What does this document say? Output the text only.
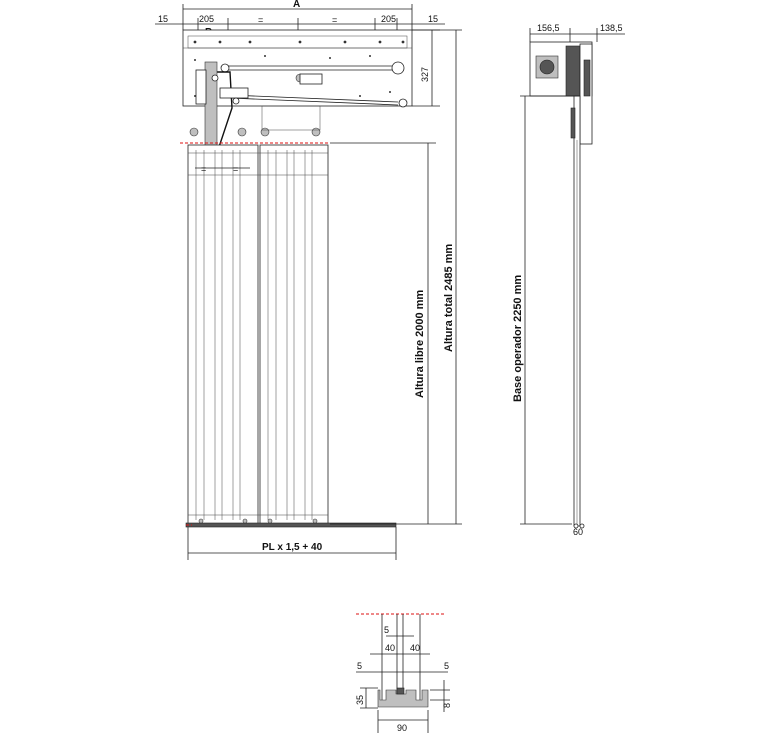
A
15	205	=	=	205	15
327
=	=
Altura libre 2000 mm Altura total 2485 mm
PL x 1,5 + 40
156,5	138,5
60
Base operador 2250 mm
5
40 40
5	5
35
8
90
